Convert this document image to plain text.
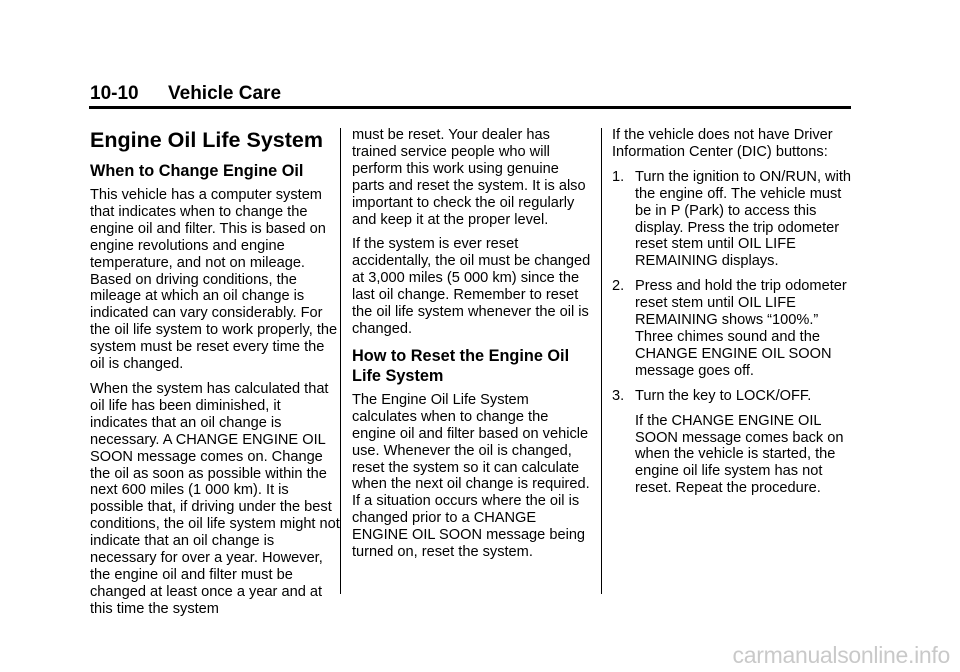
10-10 Vehicle Care
Engine Oil Life System
When to Change Engine Oil

This vehicle has a computer system that indicates when to change the engine oil and filter. This is based on engine revolutions and engine temperature, and not on mileage. Based on driving conditions, the mileage at which an oil change is indicated can vary considerably. For the oil life system to work properly, the system must be reset every time the oil is changed.

When the system has calculated that oil life has been diminished, it indicates that an oil change is necessary. A CHANGE ENGINE OIL SOON message comes on. Change the oil as soon as possible within the next 600 miles (1 000 km). It is possible that, if driving under the best conditions, the oil life system might not indicate that an oil change is necessary for over a year. However, the engine oil and filter must be changed at least once a year and at this time the system

must be reset. Your dealer has trained service people who will perform this work using genuine parts and reset the system. It is also important to check the oil regularly and keep it at the proper level.

If the system is ever reset accidentally, the oil must be changed at 3,000 miles (5 000 km) since the last oil change. Remember to reset the oil life system whenever the oil is changed.

How to Reset the Engine Oil Life System

The Engine Oil Life System calculates when to change the engine oil and filter based on vehicle use. Whenever the oil is changed, reset the system so it can calculate when the next oil change is required. If a situation occurs where the oil is changed prior to a CHANGE ENGINE OIL SOON message being turned on, reset the system.

If the vehicle does not have Driver Information Center (DIC) buttons:

1. Turn the ignition to ON/RUN, with the engine off. The vehicle must be in P (Park) to access this display. Press the trip odometer reset stem until OIL LIFE REMAINING displays.
2. Press and hold the trip odometer reset stem until OIL LIFE REMAINING shows “100%.” Three chimes sound and the CHANGE ENGINE OIL SOON message goes off.
3. Turn the key to LOCK/OFF.

If the CHANGE ENGINE OIL SOON message comes back on when the vehicle is started, the engine oil life system has not reset. Repeat the procedure.

carmanualsonline.info
